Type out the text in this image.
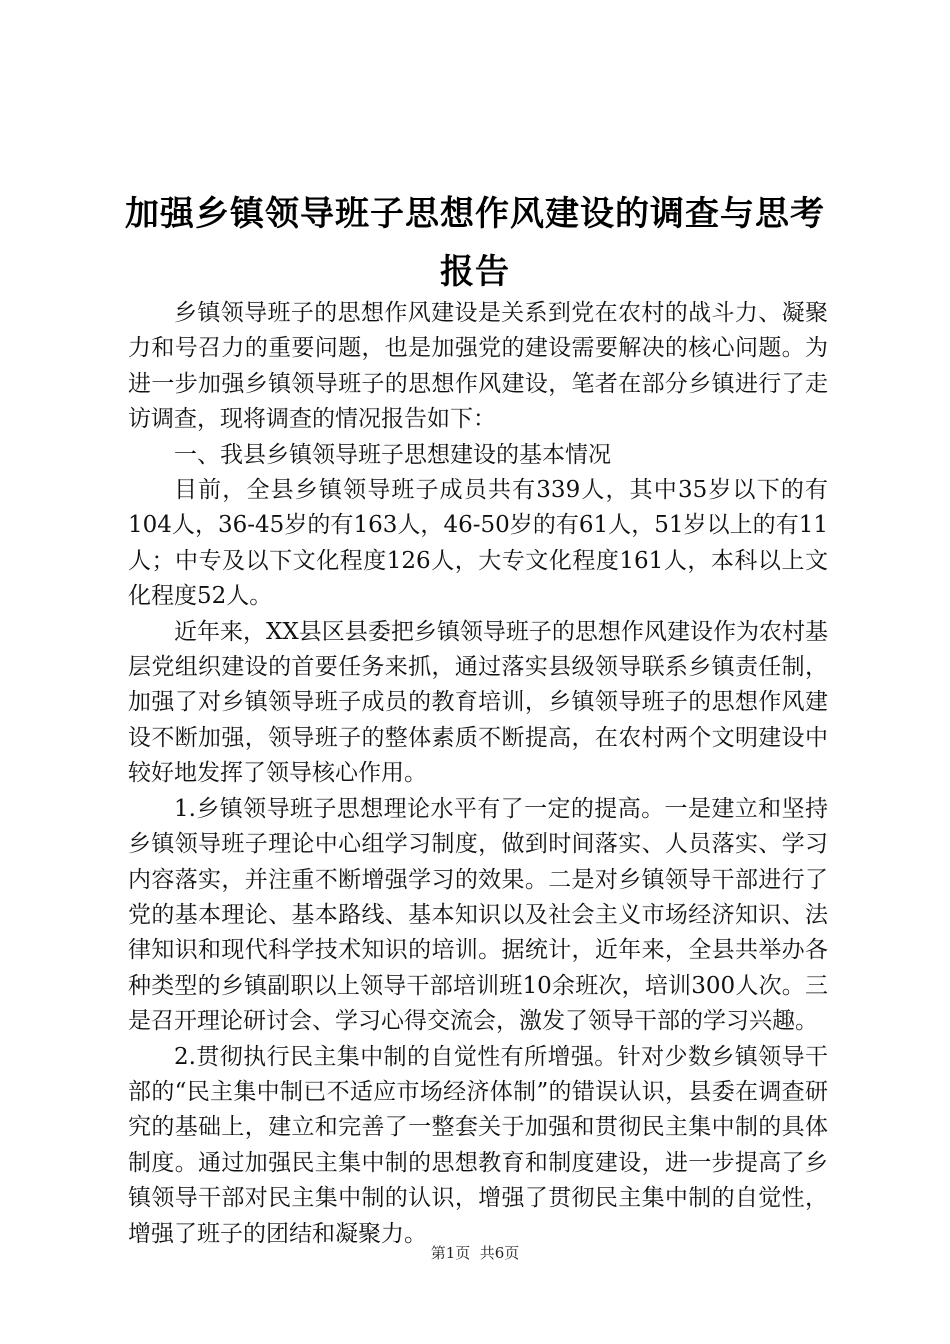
加强乡镇领导班子思想作风建设的调查与思考
报告

乡镇领导班子的思想作风建设是关系到党在农村的战斗力、凝聚力和号召力的重要问题，也是加强党的建设需要解决的核心问题。为进一步加强乡镇领导班子的思想作风建设，笔者在部分乡镇进行了走访调查，现将调查的情况报告如下：

一、我县乡镇领导班子思想建设的基本情况

目前，全县乡镇领导班子成员共有339人，其中35岁以下的有104人，36-45岁的有163人，46-50岁的有61人，51岁以上的有11人；中专及以下文化程度126人，大专文化程度161人，本科以上文化程度52人。

近年来，XX县区县委把乡镇领导班子的思想作风建设作为农村基层党组织建设的首要任务来抓，通过落实县级领导联系乡镇责任制，加强了对乡镇领导班子成员的教育培训，乡镇领导班子的思想作风建设不断加强，领导班子的整体素质不断提高，在农村两个文明建设中较好地发挥了领导核心作用。

1.乡镇领导班子思想理论水平有了一定的提高。一是建立和坚持乡镇领导班子理论中心组学习制度，做到时间落实、人员落实、学习内容落实，并注重不断增强学习的效果。二是对乡镇领导干部进行了党的基本理论、基本路线、基本知识以及社会主义市场经济知识、法律知识和现代科学技术知识的培训。据统计，近年来，全县共举办各种类型的乡镇副职以上领导干部培训班10余班次，培训300人次。三是召开理论研讨会、学习心得交流会，激发了领导干部的学习兴趣。

2.贯彻执行民主集中制的自觉性有所增强。针对少数乡镇领导干部的“民主集中制已不适应市场经济体制”的错误认识，县委在调查研究的基础上，建立和完善了一整套关于加强和贯彻民主集中制的具体制度。通过加强民主集中制的思想教育和制度建设，进一步提高了乡镇领导干部对民主集中制的认识，增强了贯彻民主集中制的自觉性，增强了班子的团结和凝聚力。

第1页  共6页
